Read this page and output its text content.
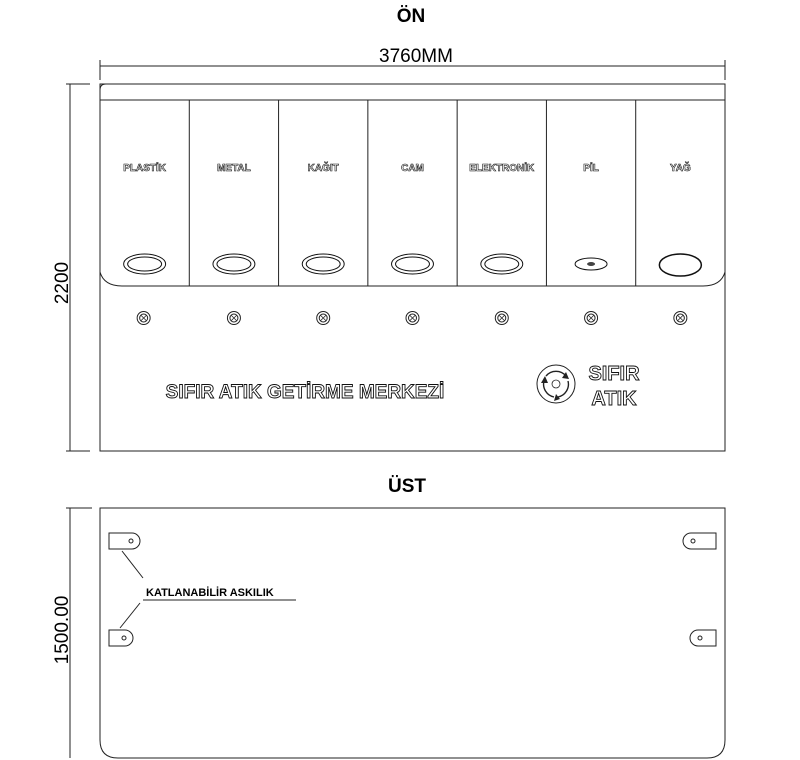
ÖN
3760MM
2200
PLASTİK	METAL	KAĞIT	CAM	ELEKTRONİK	PİL	YAĞ
SIFIR ATIK GETİRME MERKEZİ
SIFIR
ATIK
ÜST
1500.00
KATLANABİLİR ASKILIK
